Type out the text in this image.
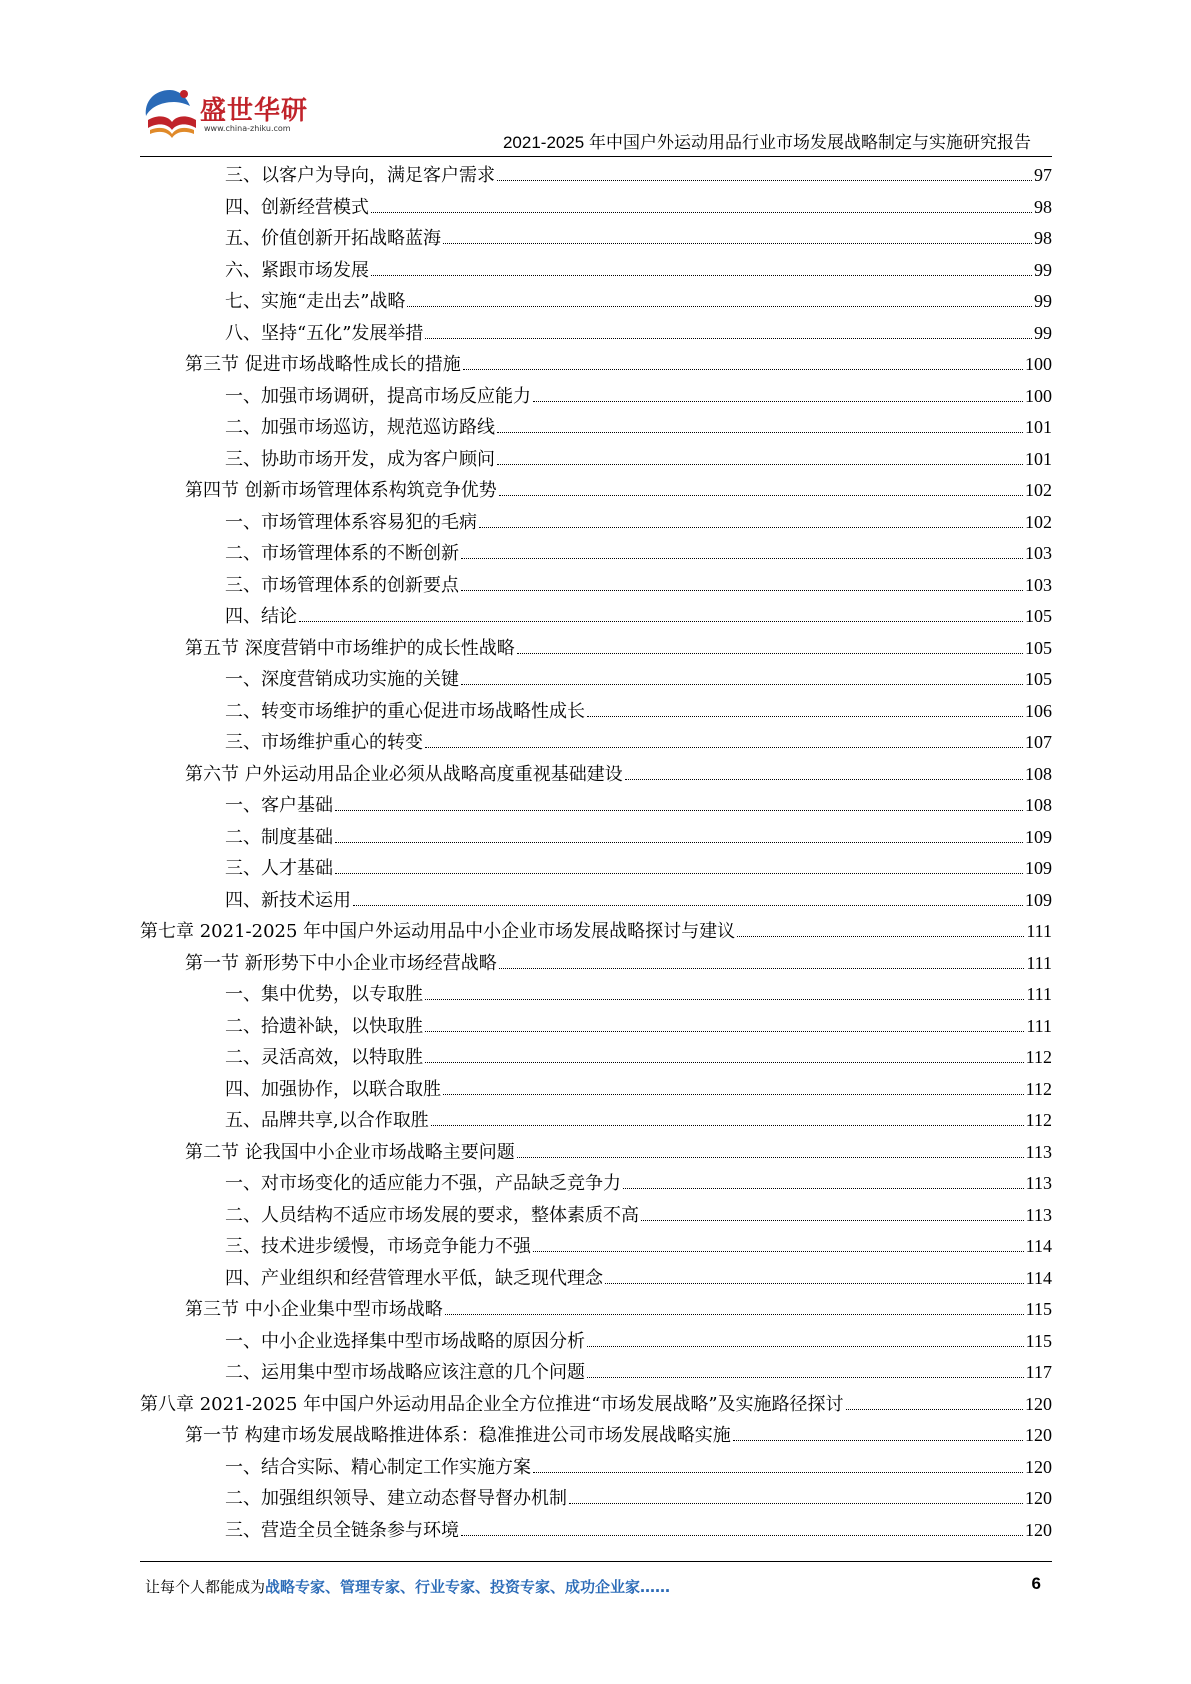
盛世华研
www.china-zhiku.com
2021-2025 年中国户外运动用品行业市场发展战略制定与实施研究报告
三、以客户为导向，满足客户需求	97
四、创新经营模式	98
五、价值创新开拓战略蓝海	98
六、紧跟市场发展	99
七、实施“走出去”战略	99
八、坚持“五化”发展举措	99
第三节 促进市场战略性成长的措施	100
一、加强市场调研，提高市场反应能力	100
二、加强市场巡访，规范巡访路线	101
三、协助市场开发，成为客户顾问	101
第四节 创新市场管理体系构筑竞争优势	102
一、市场管理体系容易犯的毛病	102
二、市场管理体系的不断创新	103
三、市场管理体系的创新要点	103
四、结论	105
第五节 深度营销中市场维护的成长性战略	105
一、深度营销成功实施的关键	105
二、转变市场维护的重心促进市场战略性成长	106
三、市场维护重心的转变	107
第六节 户外运动用品企业必须从战略高度重视基础建设	108
一、客户基础	108
二、制度基础	109
三、人才基础	109
四、新技术运用	109
第七章 2021-2025 年中国户外运动用品中小企业市场发展战略探讨与建议	111
第一节 新形势下中小企业市场经营战略	111
一、集中优势，以专取胜	111
二、拾遗补缺，以快取胜	111
二、灵活高效，以特取胜	112
四、加强协作，以联合取胜	112
五、品牌共享,以合作取胜	112
第二节 论我国中小企业市场战略主要问题	113
一、对市场变化的适应能力不强，产品缺乏竞争力	113
二、人员结构不适应市场发展的要求，整体素质不高	113
三、技术进步缓慢，市场竞争能力不强	114
四、产业组织和经营管理水平低，缺乏现代理念	114
第三节 中小企业集中型市场战略	115
一、中小企业选择集中型市场战略的原因分析	115
二、运用集中型市场战略应该注意的几个问题	117
第八章 2021-2025 年中国户外运动用品企业全方位推进“市场发展战略”及实施路径探讨	120
第一节 构建市场发展战略推进体系：稳准推进公司市场发展战略实施	120
一、结合实际、精心制定工作实施方案	120
二、加强组织领导、建立动态督导督办机制	120
三、营造全员全链条参与环境	120
让每个人都能成为战略专家、管理专家、行业专家、投资专家、成功企业家……	6
